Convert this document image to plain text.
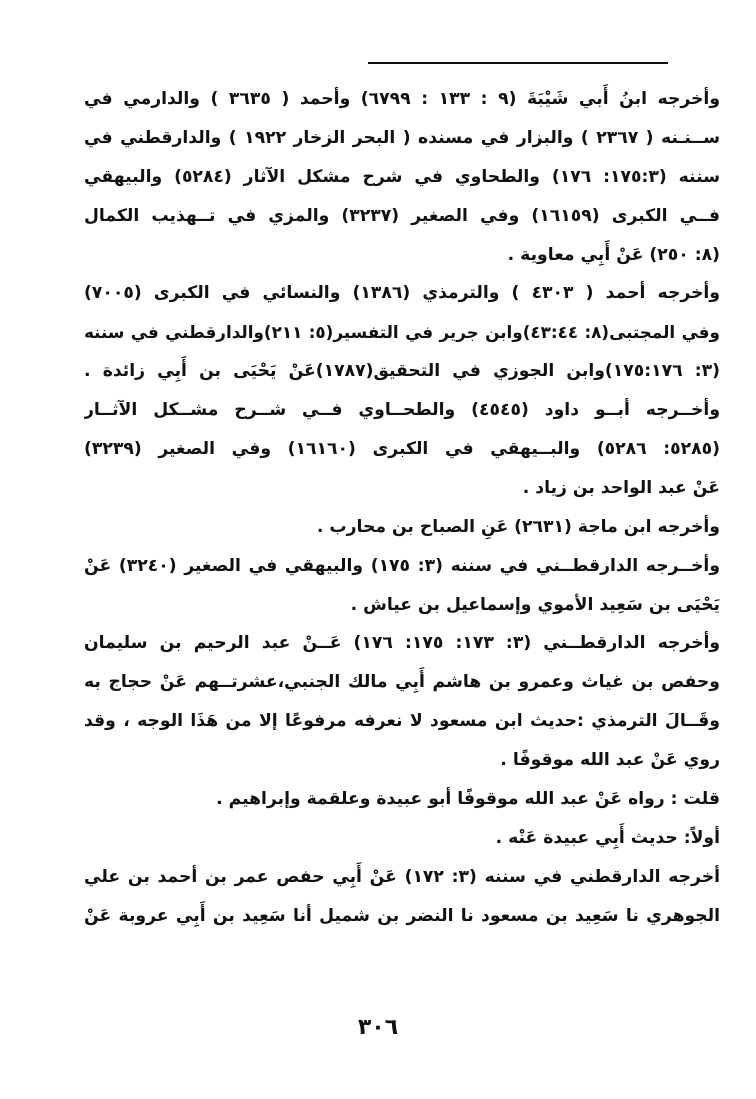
وأخرجه ابنُ أَبي شَيْبَةَ (٩ : ١٣٣ : ٦٧٩٩) وأحمد ( ٣٦٣٥ ) والدارمي في
ســنـنه ( ٢٣٦٧ ) والبزار في مسنده ( البحر الزخار ١٩٢٢ ) والدارقطني في
سننه (١٧٥:٣: ١٧٦) والطحاوي في شرح مشكل الآثار (٥٢٨٤) والبيهقي
فــي الكبرى (١٦١٥٩) وفي الصغير (٣٢٣٧) والمزي في تــهذيب الكمال
(٨: ٢٥٠) عَنْ أَبِي معاوية .
وأخرجه أحمد ( ٤٣٠٣ ) والترمذي (١٣٨٦) والنسائي في الكبرى (٧٠٠٥)
وفي المجتبى(٨: ٤٣:٤٤)وابن جرير في التفسير(٥: ٢١١)والدارقطني في سننه
(٣: ١٧٥:١٧٦)وابن الجوزي في التحقيق(١٧٨٧)عَنْ يَحْيَى بن أَبِي زائدة .
وأخــرجه أبــو داود (٤٥٤٥) والطحــاوي فــي شــرح مشــكل الآثــار
(٥٢٨٥: ٥٢٨٦) والبــيهقي في الكبرى (١٦١٦٠) وفي الصغير (٣٢٣٩)
عَنْ عبد الواحد بن زياد .
وأخرجه ابن ماجة (٢٦٣١) عَنِ الصباح بن محارب .
وأخــرجه الدارقطــني في سننه (٣: ١٧٥) والبيهقي في الصغير (٣٢٤٠) عَنْ
يَحْيَى بن سَعِيد الأموي وإسماعيل بن عياش .
وأخرجه الدارقطــني (٣: ١٧٣: ١٧٥: ١٧٦) عَــنْ عبد الرحيم بن سليمان
وحفص بن غياث وعمرو بن هاشم أَبِي مالك الجنبي،عشرتــهم عَنْ حجاج به
وقَــالَ الترمذي :حديث ابن مسعود لا نعرفه مرفوعًا إلا من هَذَا الوجه ، وقد
روي عَنْ عبد الله موقوفًا .
قلت : رواه عَنْ عبد الله موقوفًا أبو عبيدة وعلقمة وإبراهيم .
أولاً: حديث أَبِي عبيدة عَنْه .
أخرجه الدارقطني في سننه (٣: ١٧٢) عَنْ أَبِي حفص عمر بن أحمد بن علي
الجوهري نا سَعِيد بن مسعود نا النضر بن شميل أنا سَعِيد بن أَبِي عروبة عَنْ
٣٠٦
